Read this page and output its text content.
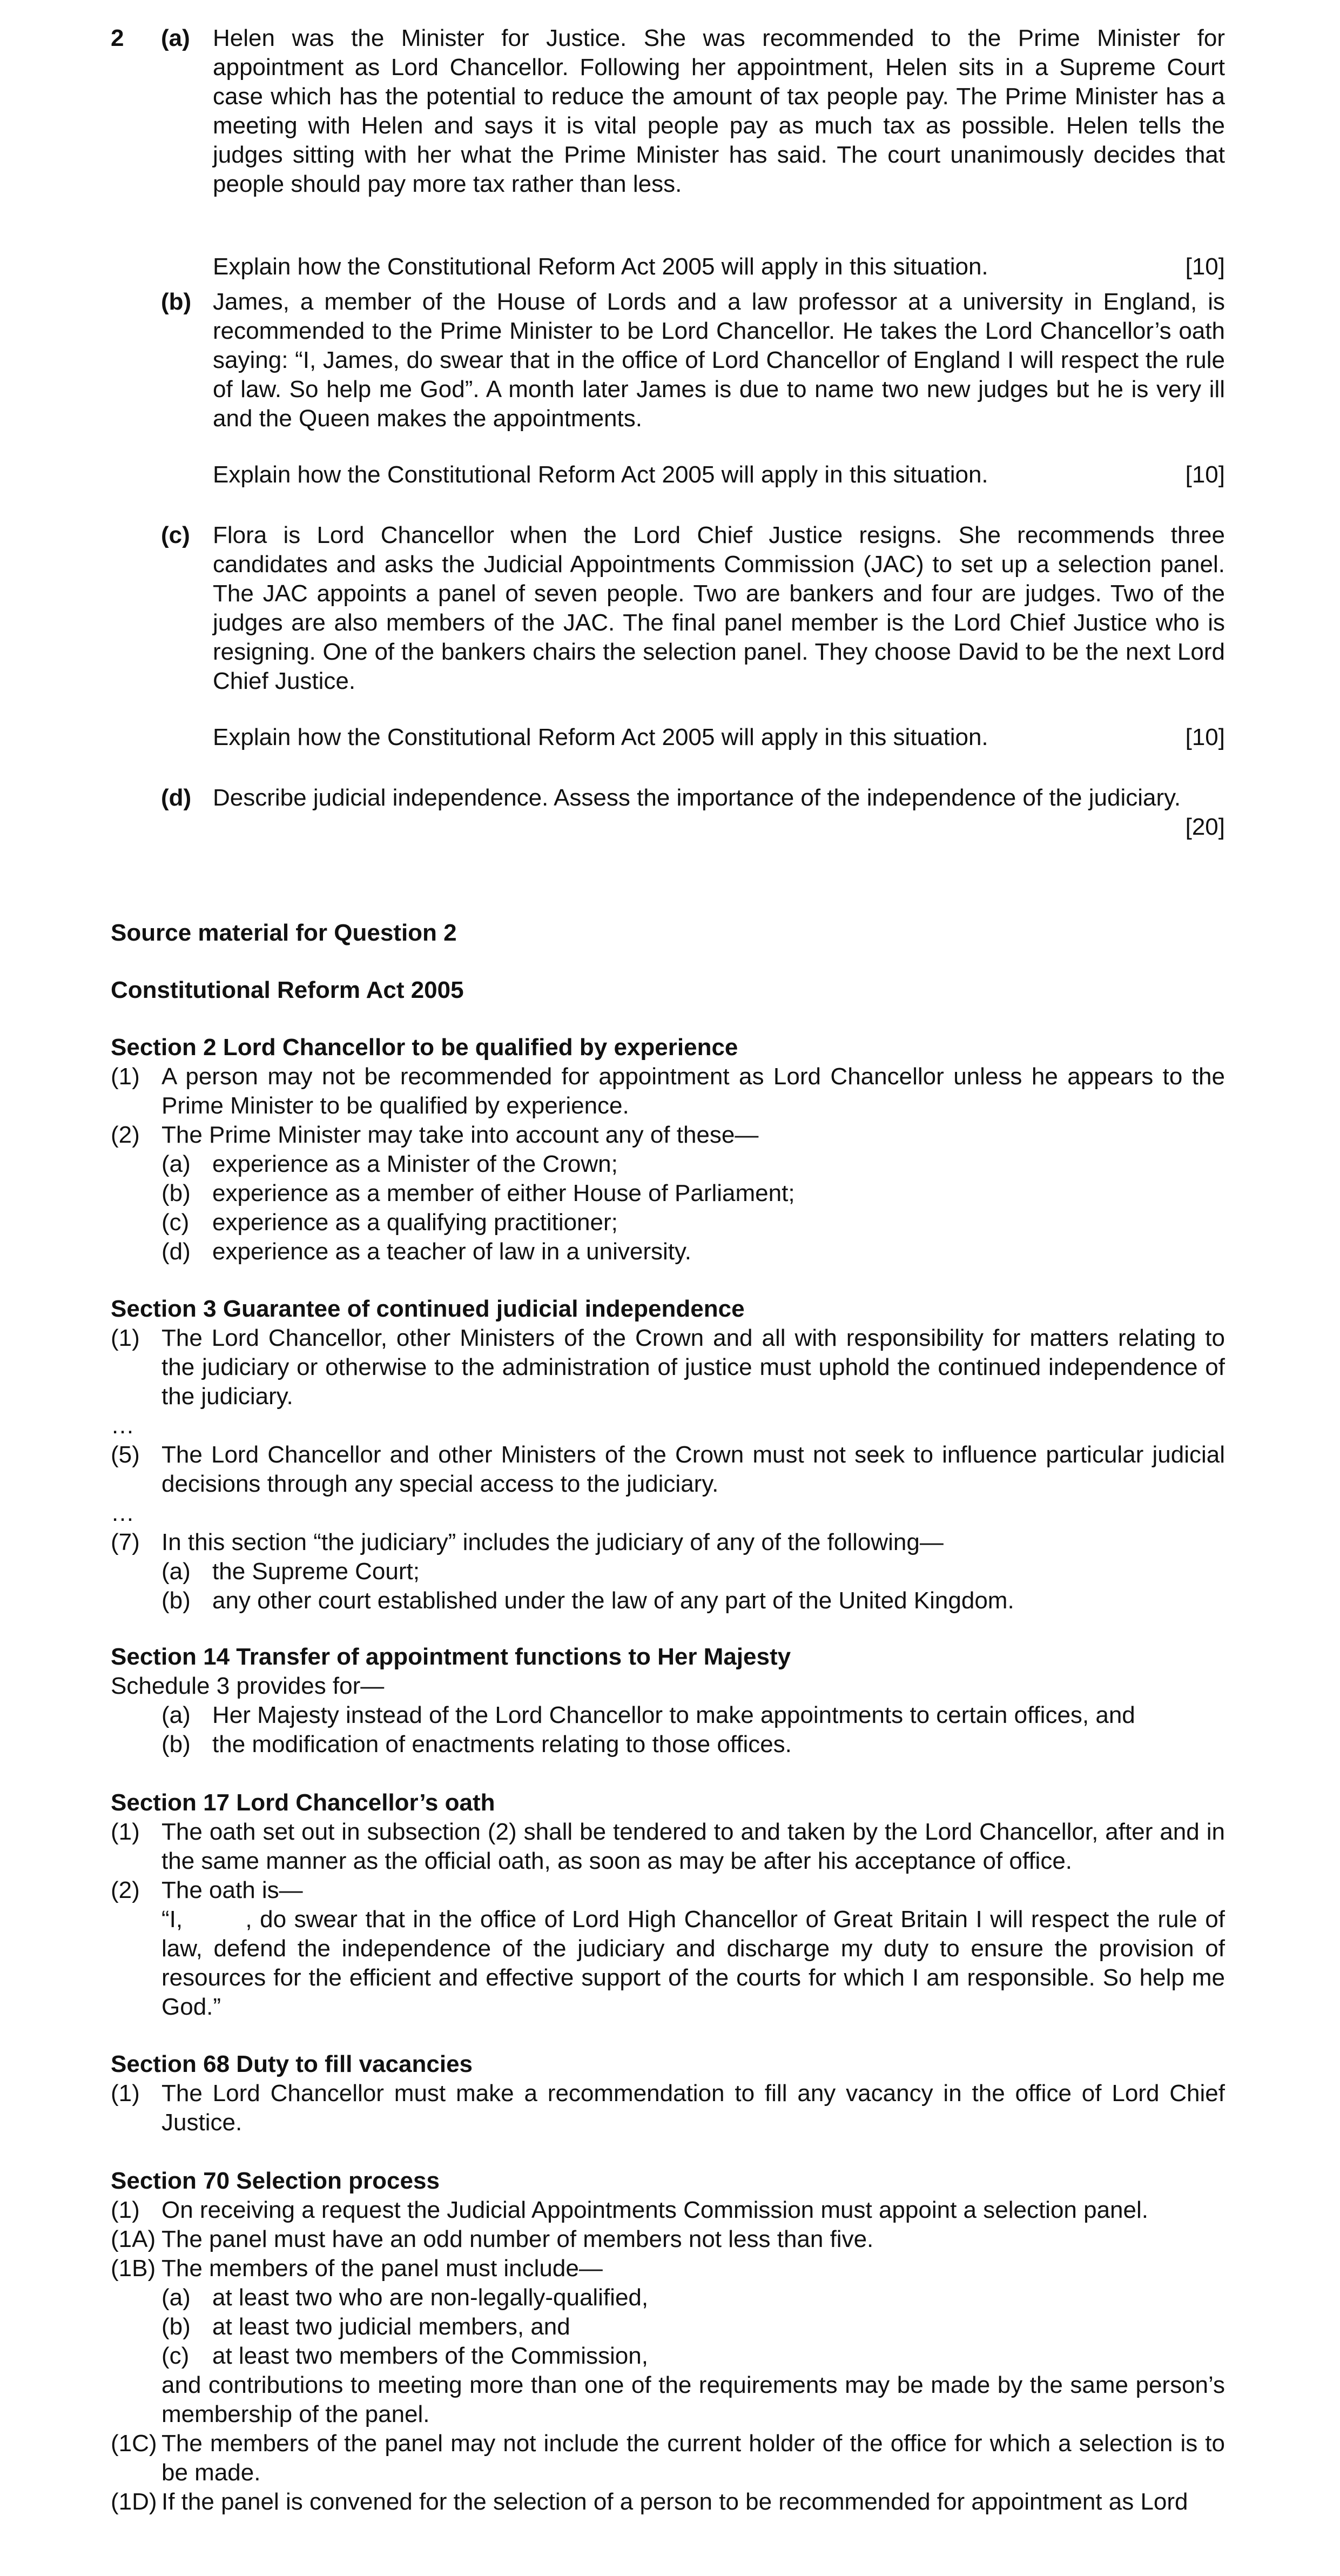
2 (a) Helen was the Minister for Justice. She was recommended to the Prime Minister for appointment as Lord Chancellor. Following her appointment, Helen sits in a Supreme Court case which has the potential to reduce the amount of tax people pay. The Prime Minister has a meeting with Helen and says it is vital people pay as much tax as possible. Helen tells the judges sitting with her what the Prime Minister has said. The court unanimously decides that people should pay more tax rather than less.
Explain how the Constitutional Reform Act 2005 will apply in this situation.	[10]
(b) James, a member of the House of Lords and a law professor at a university in England, is recommended to the Prime Minister to be Lord Chancellor. He takes the Lord Chancellor’s oath saying: “I, James, do swear that in the office of Lord Chancellor of England I will respect the rule of law. So help me God”. A month later James is due to name two new judges but he is very ill and the Queen makes the appointments.
Explain how the Constitutional Reform Act 2005 will apply in this situation.	[10]
(c) Flora is Lord Chancellor when the Lord Chief Justice resigns. She recommends three candidates and asks the Judicial Appointments Commission (JAC) to set up a selection panel. The JAC appoints a panel of seven people. Two are bankers and four are judges. Two of the judges are also members of the JAC. The final panel member is the Lord Chief Justice who is resigning. One of the bankers chairs the selection panel. They choose David to be the next Lord Chief Justice.
Explain how the Constitutional Reform Act 2005 will apply in this situation.	[10]
(d) Describe judicial independence. Assess the importance of the independence of the judiciary.
[20]
Source material for Question 2
Constitutional Reform Act 2005
Section 2 Lord Chancellor to be qualified by experience
(1) A person may not be recommended for appointment as Lord Chancellor unless he appears to the Prime Minister to be qualified by experience.
(2) The Prime Minister may take into account any of these—
(a) experience as a Minister of the Crown;
(b) experience as a member of either House of Parliament;
(c) experience as a qualifying practitioner;
(d) experience as a teacher of law in a university.
Section 3 Guarantee of continued judicial independence
(1) The Lord Chancellor, other Ministers of the Crown and all with responsibility for matters relating to the judiciary or otherwise to the administration of justice must uphold the continued independence of the judiciary.
…
(5) The Lord Chancellor and other Ministers of the Crown must not seek to influence particular judicial decisions through any special access to the judiciary.
…
(7) In this section “the judiciary” includes the judiciary of any of the following—
(a) the Supreme Court;
(b) any other court established under the law of any part of the United Kingdom.
Section 14 Transfer of appointment functions to Her Majesty
Schedule 3 provides for—
(a) Her Majesty instead of the Lord Chancellor to make appointments to certain offices, and
(b) the modification of enactments relating to those offices.
Section 17 Lord Chancellor’s oath
(1) The oath set out in subsection (2) shall be tendered to and taken by the Lord Chancellor, after and in the same manner as the official oath, as soon as may be after his acceptance of office.
(2) The oath is—
“I,        , do swear that in the office of Lord High Chancellor of Great Britain I will respect the rule of law, defend the independence of the judiciary and discharge my duty to ensure the provision of resources for the efficient and effective support of the courts for which I am responsible. So help me God.”
Section 68 Duty to fill vacancies
(1) The Lord Chancellor must make a recommendation to fill any vacancy in the office of Lord Chief Justice.
Section 70 Selection process
(1) On receiving a request the Judicial Appointments Commission must appoint a selection panel.
(1A) The panel must have an odd number of members not less than five.
(1B) The members of the panel must include—
(a) at least two who are non-legally-qualified,
(b) at least two judicial members, and
(c) at least two members of the Commission,
and contributions to meeting more than one of the requirements may be made by the same person’s membership of the panel.
(1C) The members of the panel may not include the current holder of the office for which a selection is to be made.
(1D) If the panel is convened for the selection of a person to be recommended for appointment as Lord
